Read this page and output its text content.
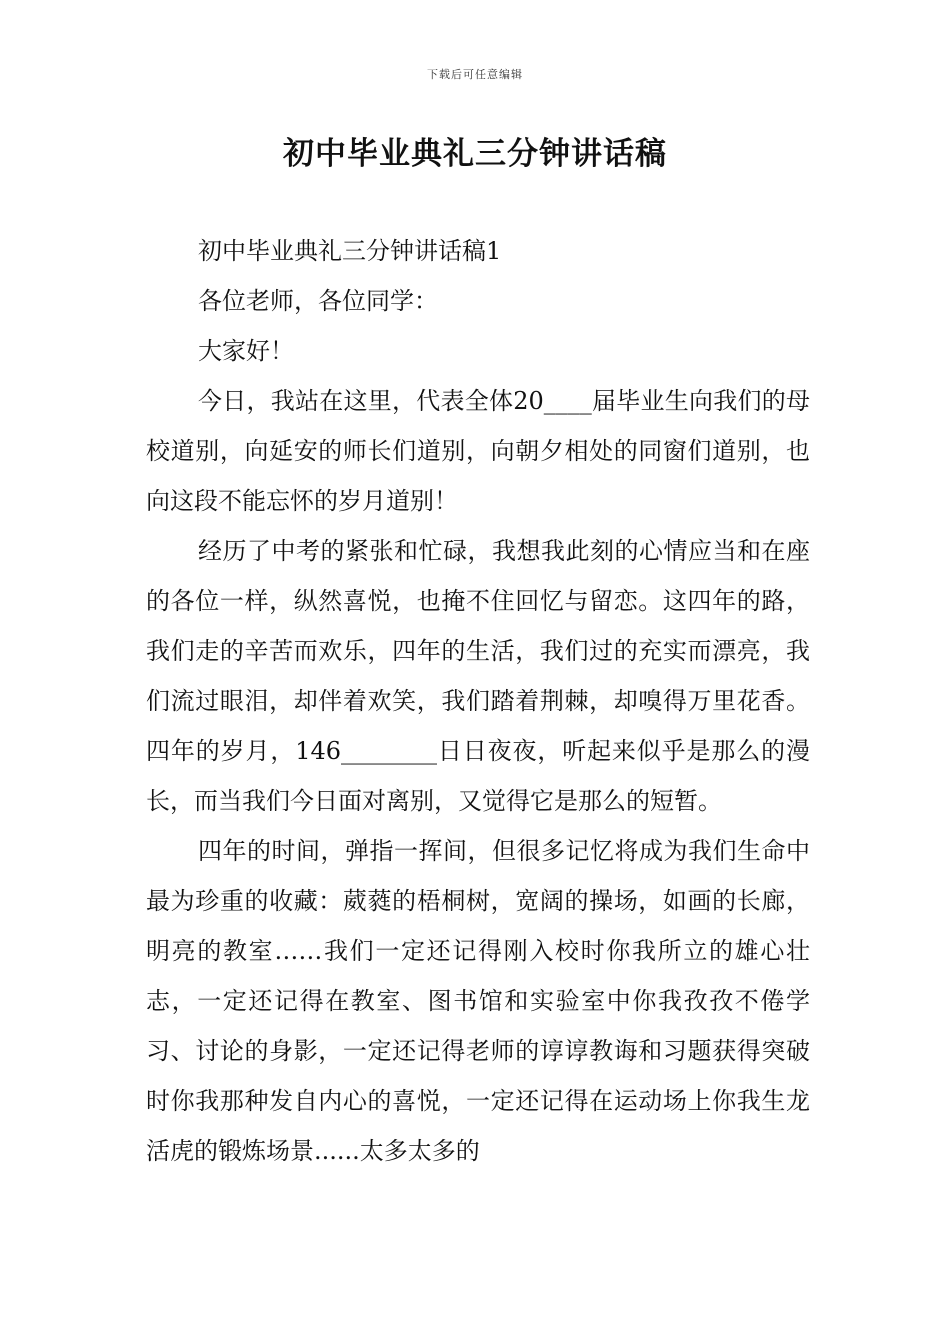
下载后可任意编辑
初中毕业典礼三分钟讲话稿

初中毕业典礼三分钟讲话稿1

各位老师，各位同学：

大家好！

今日，我站在这里，代表全体20____届毕业生向我们的母校道别，向延安的师长们道别，向朝夕相处的同窗们道别，也向这段不能忘怀的岁月道别！

经历了中考的紧张和忙碌，我想我此刻的心情应当和在座的各位一样，纵然喜悦，也掩不住回忆与留恋。这四年的路，我们走的辛苦而欢乐，四年的生活，我们过的充实而漂亮，我们流过眼泪，却伴着欢笑，我们踏着荆棘，却嗅得万里花香。四年的岁月，146________日日夜夜，听起来似乎是那么的漫长，而当我们今日面对离别，又觉得它是那么的短暂。

四年的时间，弹指一挥间，但很多记忆将成为我们生命中最为珍重的收藏：葳蕤的梧桐树，宽阔的操场，如画的长廊，明亮的教室……我们一定还记得刚入校时你我所立的雄心壮志，一定还记得在教室、图书馆和实验室中你我孜孜不倦学习、讨论的身影，一定还记得老师的谆谆教诲和习题获得突破时你我那种发自内心的喜悦，一定还记得在运动场上你我生龙活虎的锻炼场景......太多太多的
